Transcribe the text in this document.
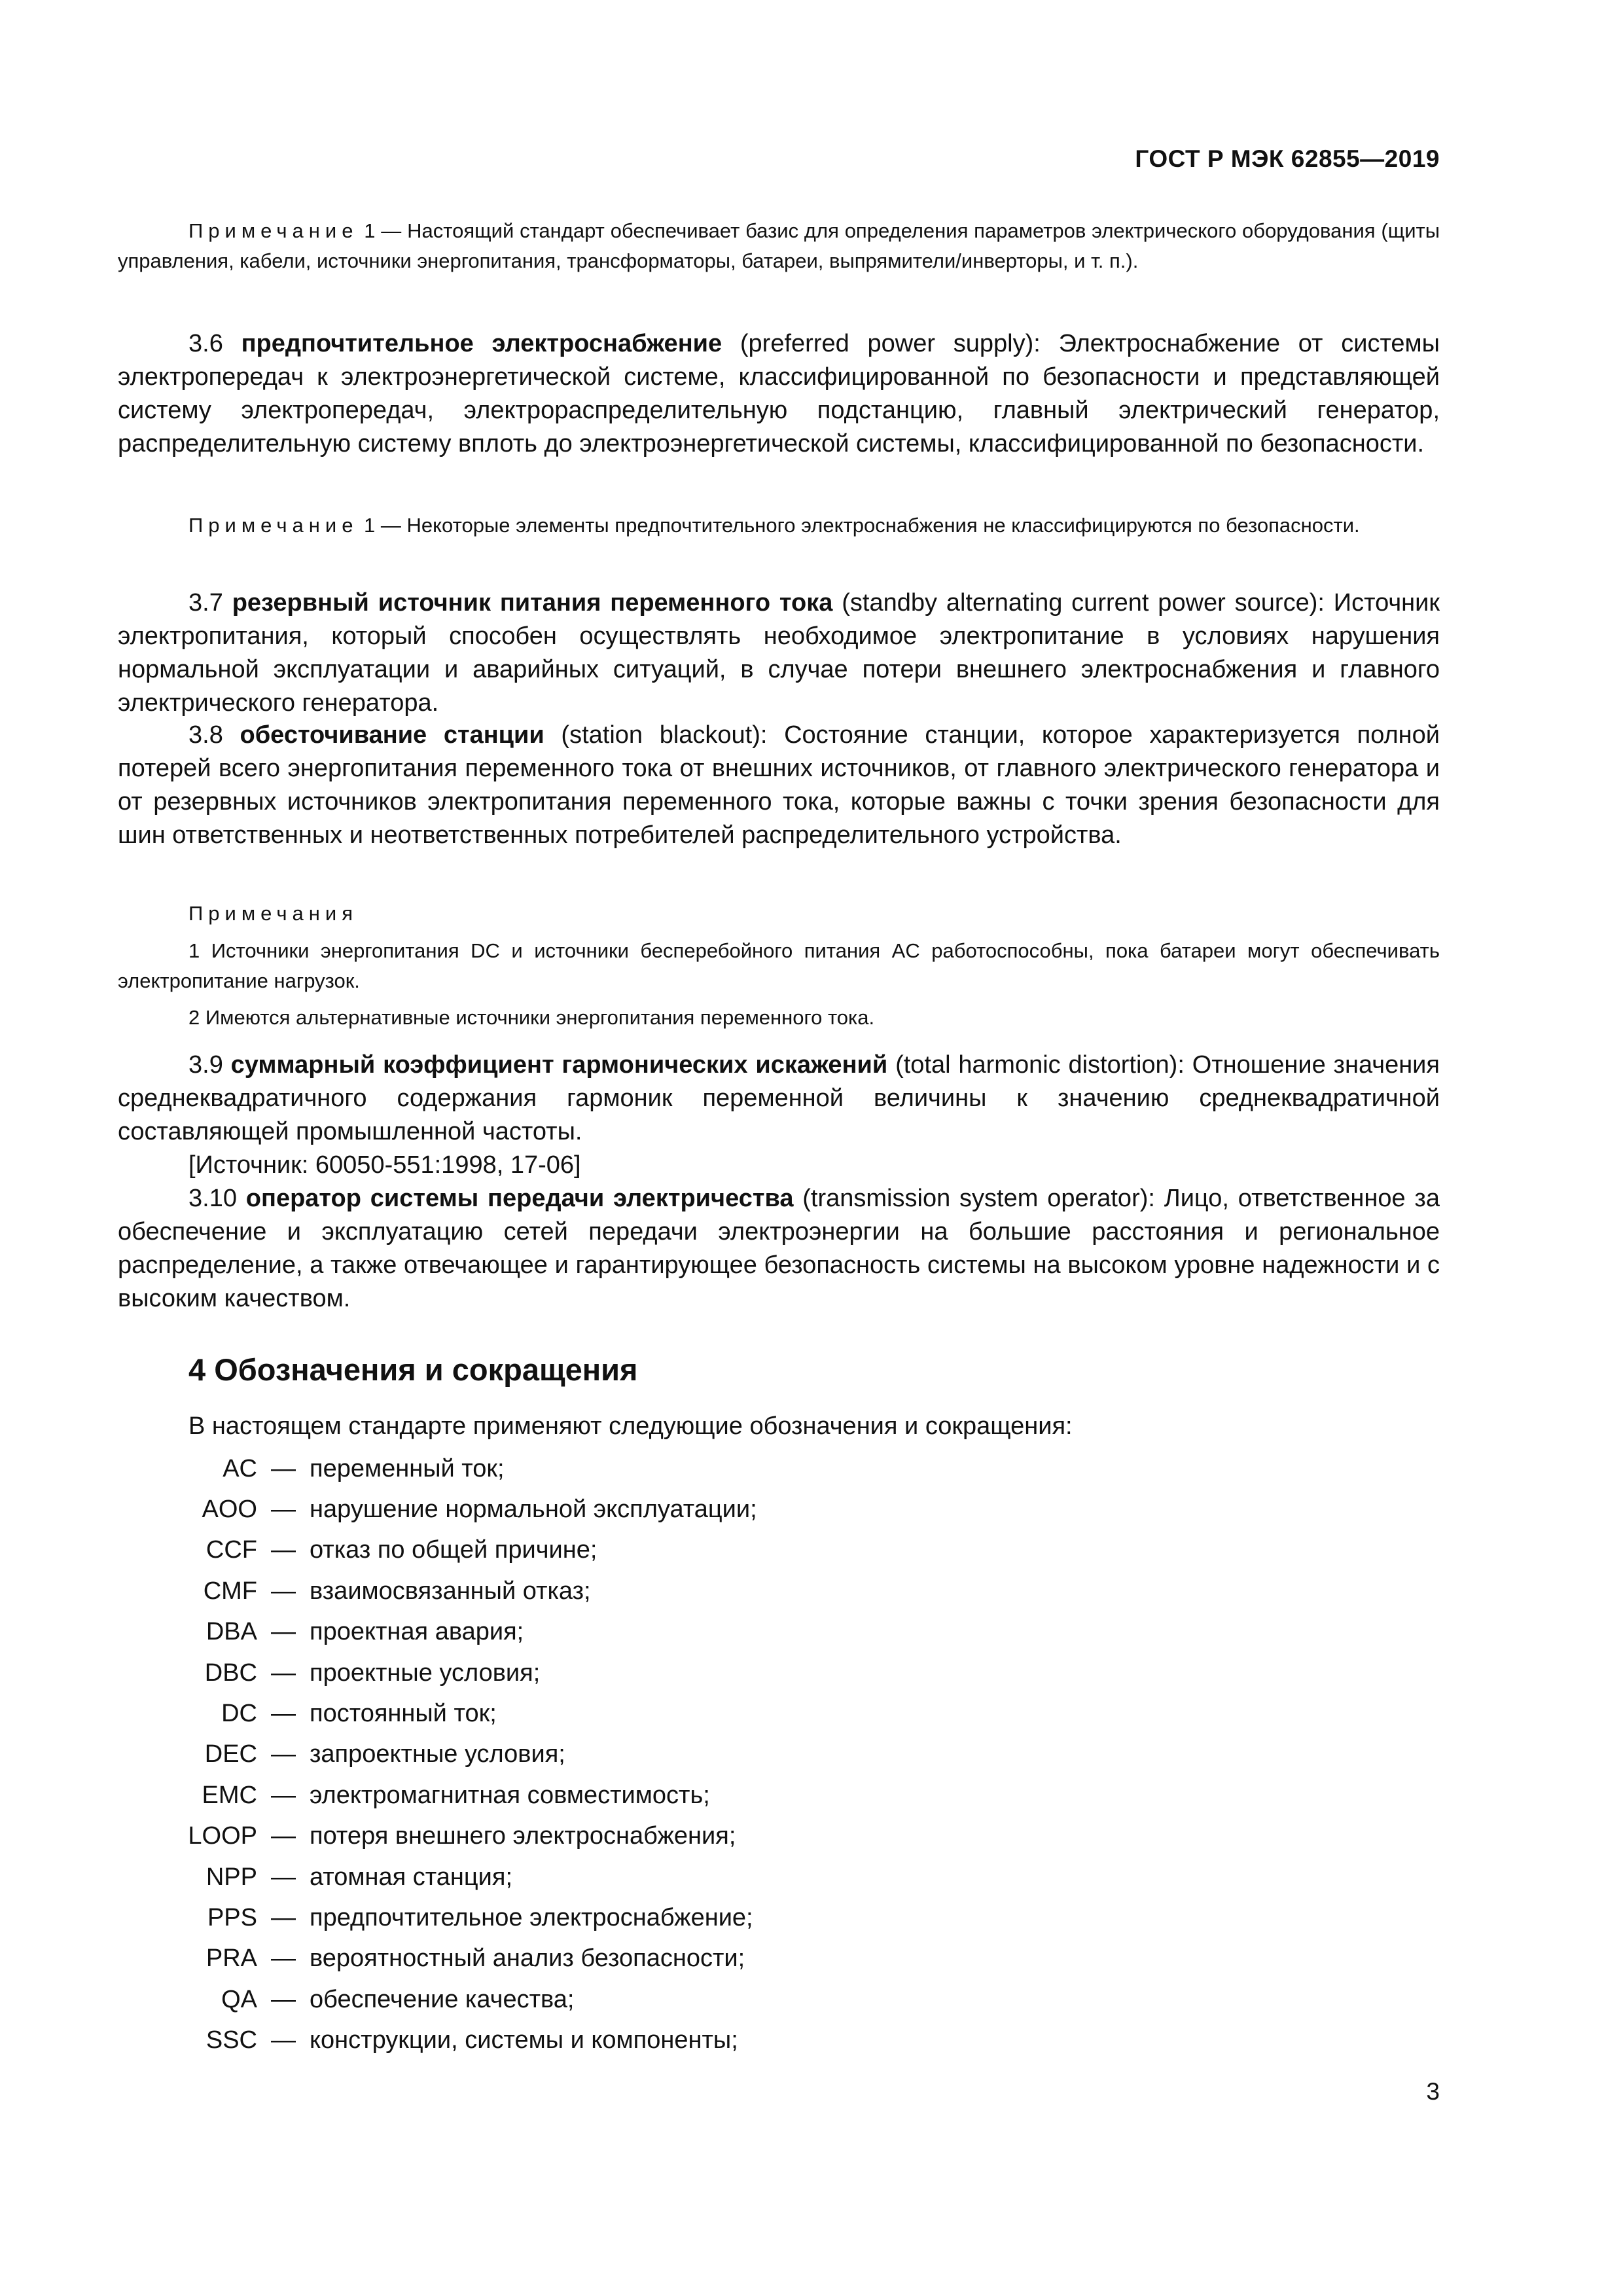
ГОСТ Р МЭК 62855—2019
Примечание 1 — Настоящий стандарт обеспечивает базис для определения параметров электрического оборудования (щиты управления, кабели, источники энергопитания, трансформаторы, батареи, выпрямители/инверторы, и т. п.).
3.6 предпочтительное электроснабжение (preferred power supply): Электроснабжение от системы электропередач к электроэнергетической системе, классифицированной по безопасности и представляющей систему электропередач, электрораспределительную подстанцию, главный электрический генератор, распределительную систему вплоть до электроэнергетической системы, классифицированной по безопасности.
Примечание 1 — Некоторые элементы предпочтительного электроснабжения не классифицируются по безопасности.
3.7 резервный источник питания переменного тока (standby alternating current power source): Источник электропитания, который способен осуществлять необходимое электропитание в условиях нарушения нормальной эксплуатации и аварийных ситуаций, в случае потери внешнего электроснабжения и главного электрического генератора.
3.8 обесточивание станции (station blackout): Состояние станции, которое характеризуется полной потерей всего энергопитания переменного тока от внешних источников, от главного электрического генератора и от резервных источников электропитания переменного тока, которые важны с точки зрения безопасности для шин ответственных и неответственных потребителей распределительного устройства.
Примечания
1 Источники энергопитания DC и источники бесперебойного питания AC работоспособны, пока батареи могут обеспечивать электропитание нагрузок.
2 Имеются альтернативные источники энергопитания переменного тока.
3.9 суммарный коэффициент гармонических искажений (total harmonic distortion): Отношение значения среднеквадратичного содержания гармоник переменной величины к значению среднеквадратичной составляющей промышленной частоты.
[Источник: 60050-551:1998, 17-06]
3.10 оператор системы передачи электричества (transmission system operator): Лицо, ответственное за обеспечение и эксплуатацию сетей передачи электроэнергии на большие расстояния и региональное распределение, а также отвечающее и гарантирующее безопасность системы на высоком уровне надежности и с высоким качеством.
4 Обозначения и сокращения
В настоящем стандарте применяют следующие обозначения и сокращения:
AC — переменный ток;
AOO — нарушение нормальной эксплуатации;
CCF — отказ по общей причине;
CMF — взаимосвязанный отказ;
DBA — проектная авария;
DBC — проектные условия;
DC — постоянный ток;
DEC — запроектные условия;
EMC — электромагнитная совместимость;
LOOP — потеря внешнего электроснабжения;
NPP — атомная станция;
PPS — предпочтительное электроснабжение;
PRA — вероятностный анализ безопасности;
QA — обеспечение качества;
SSC — конструкции, системы и компоненты;
3
